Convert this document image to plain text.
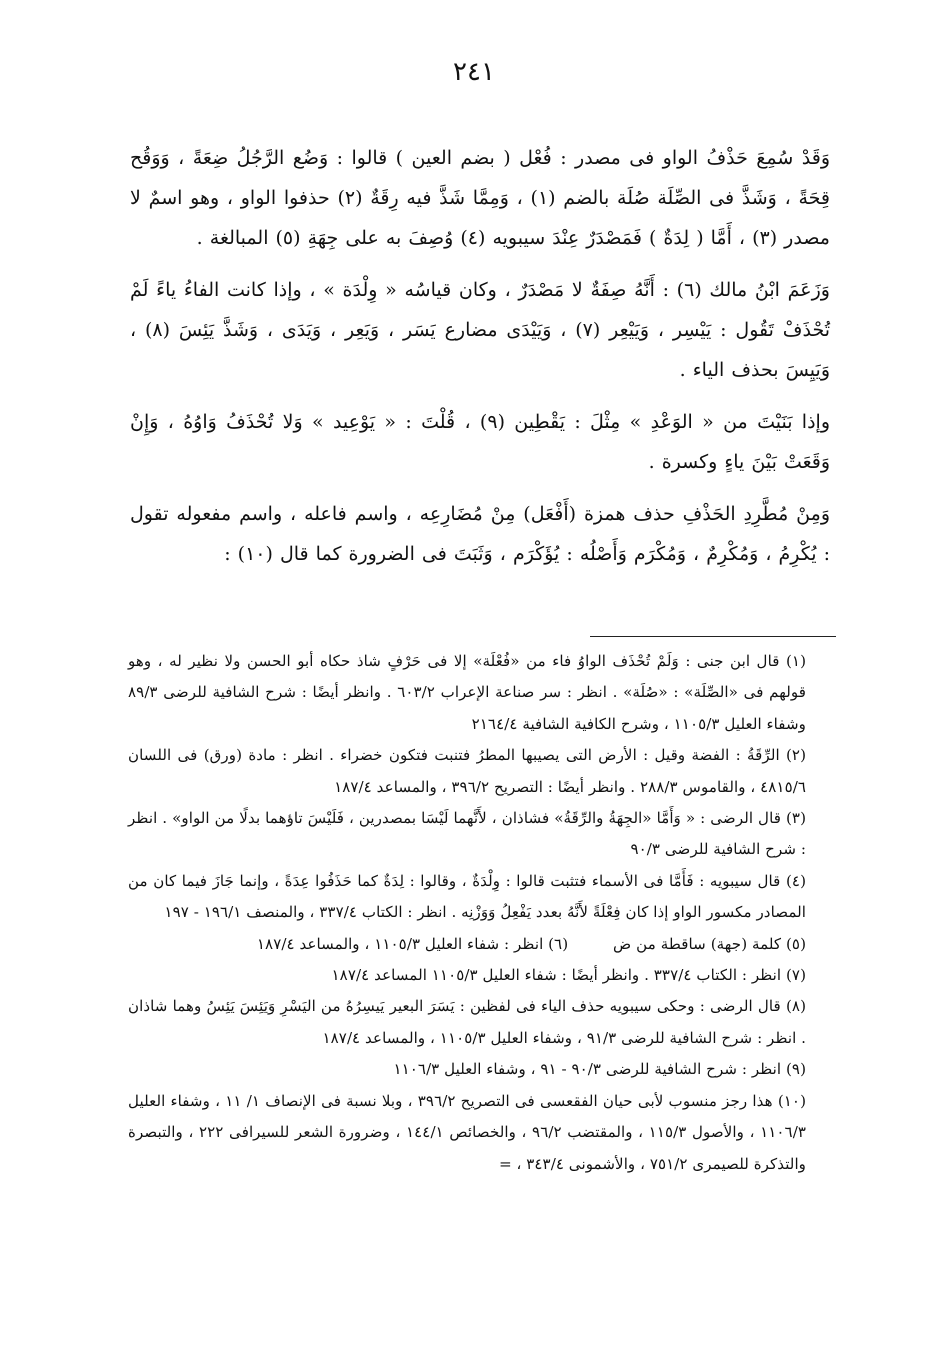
٢٤١

وَقَدْ سُمِعَ حَذْفُ الواو فى مصدر : فُعْل ( بضم العين ) قالوا : وَضُع الرَّجُلُ ضِعَةً ، وَوَقُح قِحَةً ، وَشَذَّ فى الصِّلَة صُلَة بالضم (١) ، وَمِمَّا شَذَّ فيه رِقَةٌ (٢) حذفوا الواو ، وهو اسمٌ لا مصدر (٣) ، أَمَّا ( لِدَةٌ ) فَمَصْدَرٌ عِنْدَ سيبويه (٤) وُصِفَ به على جِهَةِ (٥) المبالغة .

وَزَعَمَ ابْنُ مالك (٦) : أَنَّهُ صِفَةٌ لا مَصْدَرٌ ، وكان قياسُه « وِلْدَة » ، وإذا كانت الفاءُ ياءً لَمْ تُحْذَفْ تَقُول : يَيْسِر ، وَيَيْعِر (٧) ، وَيَيْدَى مضارع يَسَر ، وَيَعِر ، وَيَدَى ، وَشَذَّ يَئِسَ (٨) ، وَيَيِسَ بحذف الياء .

وإذا بَنَيْتَ من « الوَعْدِ » مِثْلَ : يَقْطِين (٩) ، قُلْتَ : « يَوْعِيد » وَلا تُحْذَفُ وَاوُهُ ، وَإِنْ وَقَعَتْ بَيْنَ ياءٍ وكسرة .

وَمِنْ مُطَّرِدِ الحَذْفِ حذف همزة (أَفْعَل) مِنْ مُضَارِعِه ، واسم فاعله ، واسم مفعوله تقول : يُكْرِمُ ، وَمُكْرِمٌ ، وَمُكْرَم وَأَصْلُه : يُؤَكْرَم ، وَثَبَتَ فى الضرورة كما قال (١٠) :

(١) قال ابن جنى : وَلَمْ تُحْذَف الواوُ فاء من «فُعْلَة» إلا فى حَرْفٍ شاذ حكاه أبو الحسن ولا نظير له ، وهو قولهم فى «الصِّلَة» : «صُلَة» . انظر : سر صناعة الإعراب ٦٠٣/٢ . وانظر أيضًا : شرح الشافية للرضى ٨٩/٣ وشفاء العليل ١١٠٥/٣ ، وشرح الكافية الشافية ٢١٦٤/٤

(٢) الرِّقَةُ : الفضة وقيل : الأرض التى يصيبها المطرُ فتنبت فتكون خضراء . انظر : مادة (ورق) فى اللسان ٤٨١٥/٦ ، والقاموس ٢٨٨/٣ . وانظر أيضًا : التصريح ٣٩٦/٢ ، والمساعد ١٨٧/٤

(٣) قال الرضى : « وَأَمَّا «الجِهَةُ والرِّقَةُ» فشاذان ، لأَنَّهما لَيْسَا بمصدرين ، فَلَيْسَ تاؤهما بدلًا من الواو» . انظر : شرح الشافية للرضى ٩٠/٣

(٤) قال سيبويه : فَأَمَّا فى الأسماء فتثبت قالوا : وِلْدَةٌ ، وقالوا : لِدَةٌ كما حَذَفُوا عِدَةً ، وإنما جَازَ فيما كان من المصادر مكسور الواو إذا كان فِعْلَةً لأَنَّهُ بعدد يَفْعِلُ وَوَزْنِه . انظر : الكتاب ٣٣٧/٤ ، والمنصف ١٩٦/١ - ١٩٧

(٥) كلمة (جهة) ساقطة من ض (٦) انظر : شفاء العليل ١١٠٥/٣ ، والمساعد ١٨٧/٤

(٧) انظر : الكتاب ٣٣٧/٤ . وانظر أيضًا : شفاء العليل ١١٠٥/٣ المساعد ١٨٧/٤

(٨) قال الرضى : وحكى سيبويه حذف الياء فى لفظين : يَسَرَ البعير يَيسِرُهُ من اليَسْرِ وَيَئِسَ يَئِسُ وهما شاذان . انظر : شرح الشافية للرضى ٩١/٣ ، وشفاء العليل ١١٠٥/٣ ، والمساعد ١٨٧/٤

(٩) انظر : شرح الشافية للرضى ٩٠/٣ - ٩١ ، وشفاء العليل ١١٠٦/٣

(١٠) هذا رجز منسوب لأبى حيان الفقعسى فى التصريح ٣٩٦/٢ ، وبلا نسبة فى الإنصاف ١/ ١١ ، وشفاء العليل ١١٠٦/٣ ، والأصول ١١٥/٣ ، والمقتضب ٩٦/٢ ، والخصائص ١٤٤/١ ، وضرورة الشعر للسيرافى ٢٢٢ ، والتبصرة والتذكرة للصيمرى ٧٥١/٢ ، والأشمونى ٣٤٣/٤ ، =
